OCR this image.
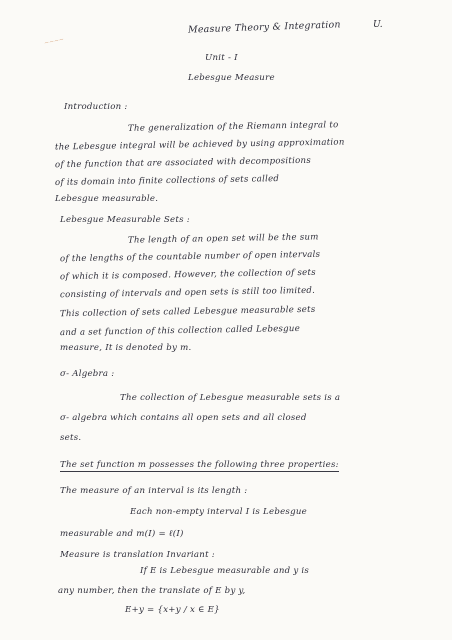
~~~~
Measure Theory & Integration	U.
Unit - I
Lebesgue Measure
Introduction :
The generalization of the Riemann integral to
the Lebesgue integral will be achieved by using approximation
of the function that are associated with decompositions
of its domain into finite collections of sets called
Lebesgue measurable.
Lebesgue Measurable Sets :
The length of an open set will be the sum
of the lengths of the countable number of open intervals
of which it is composed. However, the collection of sets
consisting of intervals and open sets is still too limited.
This collection of sets called Lebesgue measurable sets
and a set function of this collection called Lebesgue
measure, It is denoted by m.
σ- Algebra :
The collection of Lebesgue measurable sets is a
σ- algebra which contains all open sets and all closed
sets.
The set function m possesses the following three properties:
The measure of an interval is its length :
Each non-empty interval I is Lebesgue
measurable and m(I) = ℓ(I)
Measure is translation Invariant :
If E is Lebesgue measurable and y is
any number, then the translate of E by y,
E+y = {x+y / x ∈ E}
